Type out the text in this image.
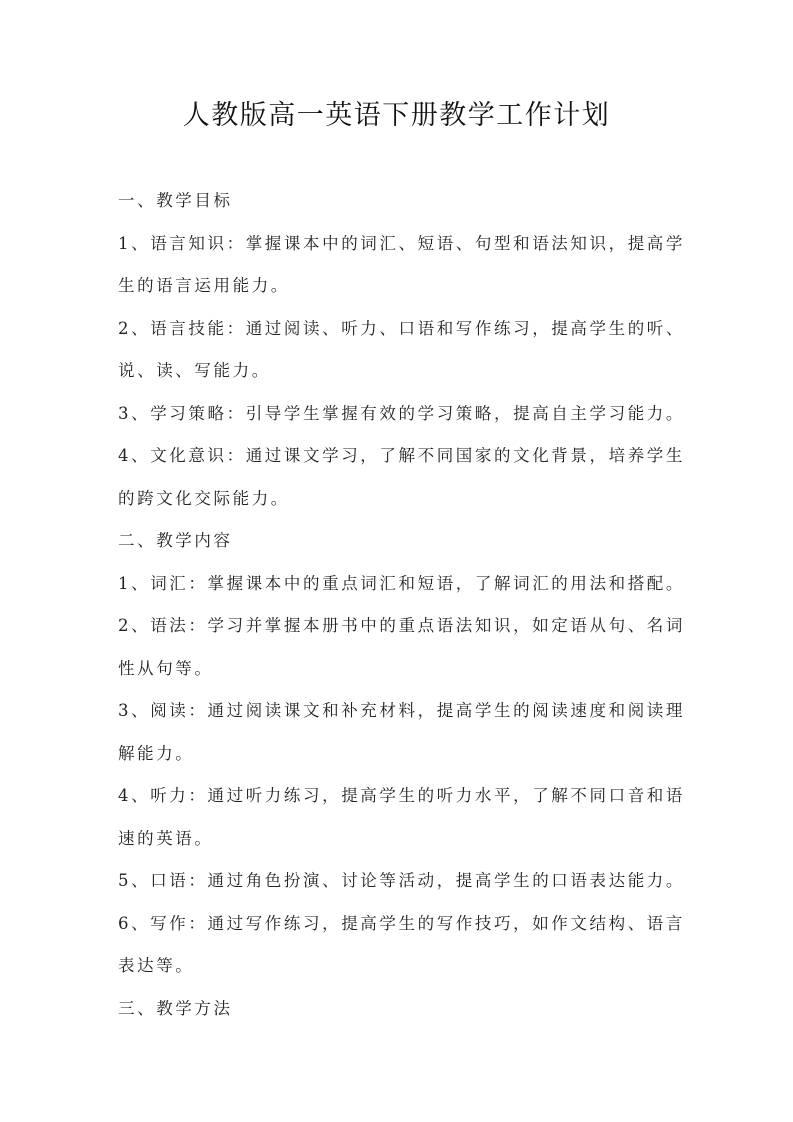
人教版高一英语下册教学工作计划
一、教学目标
1、语言知识：掌握课本中的词汇、短语、句型和语法知识，提高学
生的语言运用能力。
2、语言技能：通过阅读、听力、口语和写作练习，提高学生的听、
说、读、写能力。
3、学习策略：引导学生掌握有效的学习策略，提高自主学习能力。
4、文化意识：通过课文学习，了解不同国家的文化背景，培养学生
的跨文化交际能力。
二、教学内容
1、词汇：掌握课本中的重点词汇和短语，了解词汇的用法和搭配。
2、语法：学习并掌握本册书中的重点语法知识，如定语从句、名词
性从句等。
3、阅读：通过阅读课文和补充材料，提高学生的阅读速度和阅读理
解能力。
4、听力：通过听力练习，提高学生的听力水平，了解不同口音和语
速的英语。
5、口语：通过角色扮演、讨论等活动，提高学生的口语表达能力。
6、写作：通过写作练习，提高学生的写作技巧，如作文结构、语言
表达等。
三、教学方法
